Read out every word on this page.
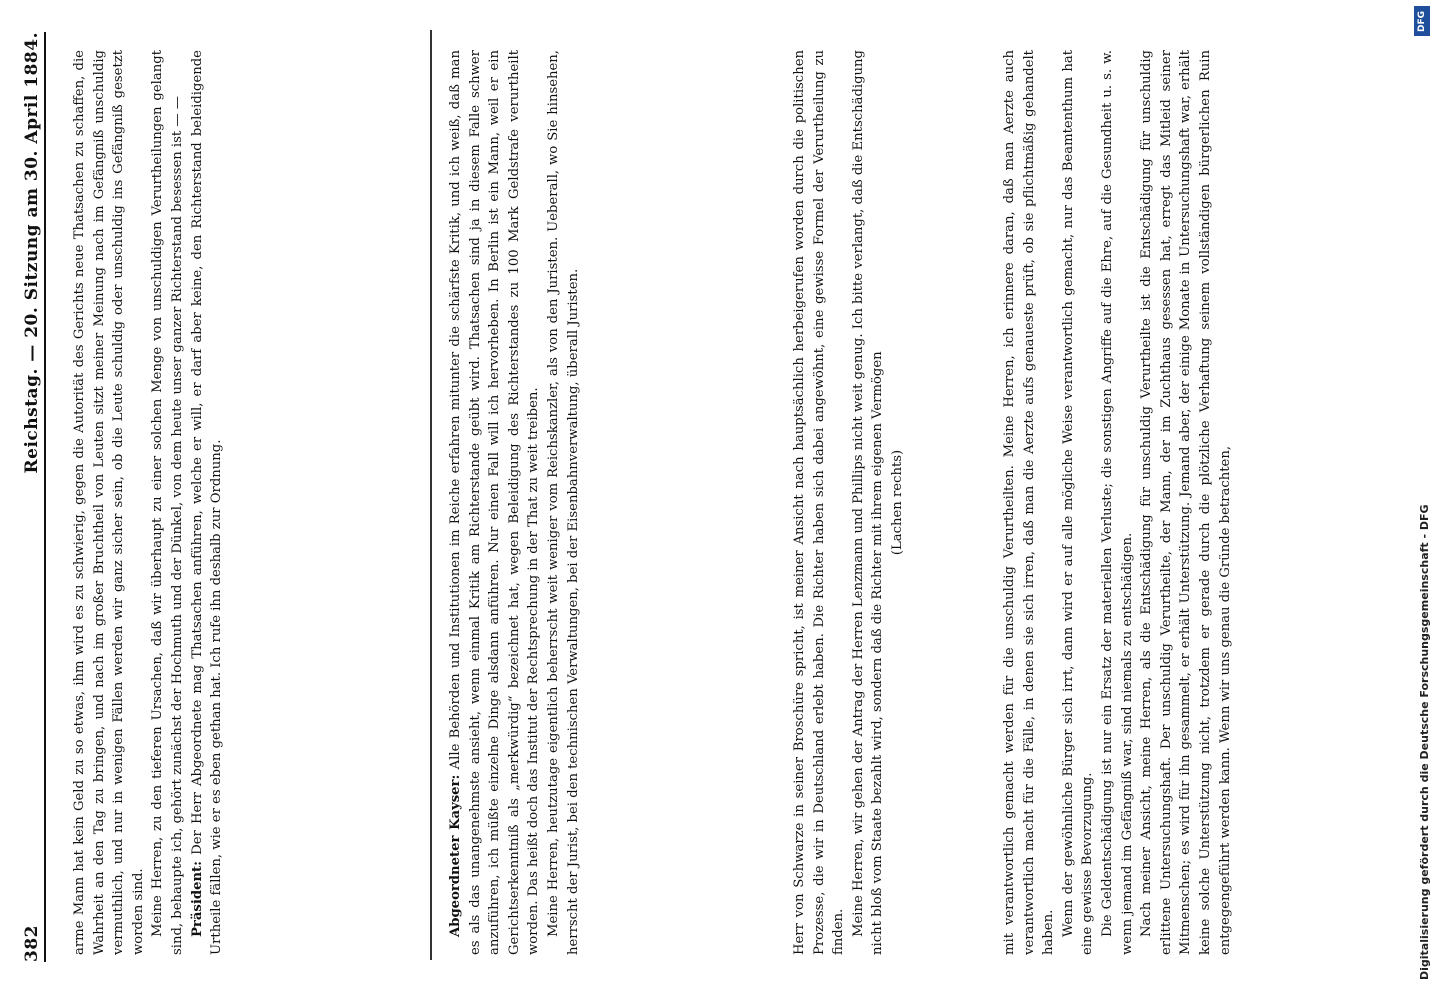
382
Reichstag. — 20. Sitzung am 30. April 1884. arme Mann hat kein Geld zu so etwas, ihm wird es zu schwierig, gegen die Autorität des Gerichts neue Thatsachen zu schaffen, die Wahrheit an den Tag zu bringen, und nach im großer Bruchtheil von Leuten sitzt meiner Meinung nach im Gefängniß unschuldig vermuthlich, und nur in wenigen Fällen werden wir ganz sicher sein, ob die Leute schuldig oder unschuldig ins Gefängniß gesetzt worden sind. Meine Herren, zu den tieferen Ursachen, daß wir überhaupt zu einer solchen Menge von unschuldigen Verurtheilungen gelangt sind, behaupte ich, gehört zunächst der Hochmuth und der Dünkel, von dem heute unser ganzer Richterstand besessen ist — — Präsident: Der Herr Abgeordnete mag Thatsachen anführen, welche er will, er darf aber keine, den Richterstand beleidigende Urtheile fällen, wie er es eben gethan hat. Ich rufe ihn deshalb zur Ordnung.	Abgeordneter Kayser: Alle Behörden und Institutionen im Reiche erfahren mitunter die schärfste Kritik, und ich weiß, daß man es als das unangenehmste ansieht, wenn einmal Kritik am Richterstande geübt wird. Thatsachen sind ja in diesem Falle schwer anzuführen, ich müßte einzelne Dinge alsdann anführen. Nur einen Fall will ich hervorheben. In Berlin ist ein Mann, weil er ein Gerichtserkenntniß als „merkwürdig“ bezeichnet hat, wegen Beleidigung des Richterstandes zu 100 Mark Geldstrafe verurtheilt worden. Das heißt doch das Institut der Rechtsprechung in der That zu weit treiben. Meine Herren, heutzutage eigentlich beherrscht weit weniger vom Reichskanzler, als von den Juristen. Ueberall, wo Sie hinsehen, herrscht der Jurist, bei den technischen Verwaltungen, bei der Eisenbahnverwaltung, überall Juristen.	Herr von Schwarze in seiner Broschüre spricht, ist meiner Ansicht nach hauptsächlich herbeigerufen worden durch die politischen Prozesse, die wir in Deutschland erlebt haben. Die Richter haben sich dabei angewöhnt, eine gewisse Formel der Verurtheilung zu finden. Meine Herren, wir gehen der Antrag der Herren Lenzmann und Phillips nicht weit genug. Ich bitte verlangt, daß die Entschädigung nicht bloß vom Staate bezahlt wird, sondern daß die Richter mit ihrem eigenen Vermögen (Lachen rechts)	mit verantwortlich gemacht werden für die unschuldig Verurtheilten. Meine Herren, ich erinnere daran, daß man Aerzte auch verantwortlich macht für die Fälle, in denen sie sich irren, daß man die Aerzte aufs genaueste prüft, ob sie pflichtmäßig gehandelt haben. Wenn der gewöhnliche Bürger sich irrt, dann wird er auf alle mögliche Weise verantwortlich gemacht, nur das Beamtenthum hat eine gewisse Bevorzugung. Die Geldentschädigung ist nur ein Ersatz der materiellen Verluste; die sonstigen Angriffe auf die Ehre, auf die Gesundheit u. s. w. wenn jemand im Gefängniß war, sind niemals zu entschädigen. Nach meiner Ansicht, meine Herren, als die Entschädigung für unschuldig Verurtheilte ist die Entschädigung für unschuldig erlittene Untersuchungshaft. Der unschuldig Verurtheilte, der Mann, der im Zuchthaus gesessen hat, erregt das Mitleid seiner Mitmenschen; es wird für ihn gesammelt, er erhält Unterstützung. Jemand aber, der einige Monate in Untersuchungshaft war, erhält keine solche Unterstützung nicht, trotzdem er gerade durch die plötzliche Verhaftung seinem vollständigen bürgerlichen Ruin entgegengeführt werden kann. Wenn wir uns genau die Gründe betrachten,	Digitalisierung gefördert durch die Deutsche Forschungsgemeinschaft - DFG
DFG
